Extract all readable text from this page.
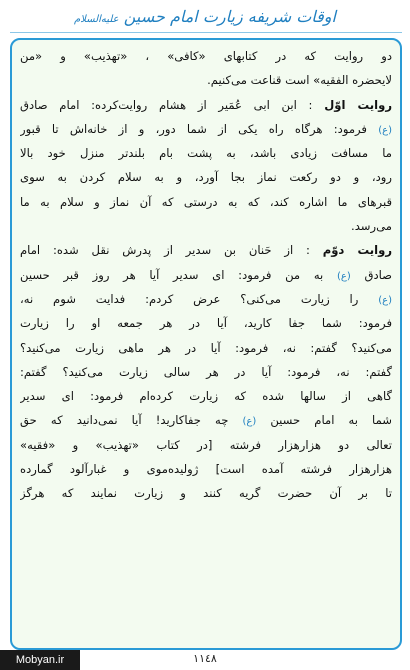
اوقات شریفه زیارت امام حسین علیه‌السلام
دو روایت که در کتابهای «کافی» ، «تهذیب» و «من
لایحضره الفقیه» است قناعت می‌کنیم.
روایت اوّل : ابن ابی عُمَیر از هشام روایت‌کرده: امام صادق
(ع) فرمود: هرگاه راه یکی از شما دور، و از خانه‌اش تا قبور
ما مسافت زیادی باشد، به پشت بام بلندتر منزل خود بالا
رود، و دو رکعت نماز بجا آورد، و به سلام کردن به سوی
قبرهای ما اشاره کند، که به درستی که آن نماز و سلام به ما
می‌رسد.
روایت دوّم : از حَنان بن سدیر از پدرش نقل شده: امام
صادق (ع) به من فرمود: ای سدیر آیا هر روز قبر حسین
(ع) را زیارت می‌کنی؟ عرض کردم: فدایت شوم نه،
فرمود: شما جفا کارید، آیا در هر جمعه او را زیارت
می‌کنید؟ گفتم: نه، فرمود: آیا در هر ماهی زیارت می‌کنید؟
گفتم: نه، فرمود: آیا در هر سالی زیارت می‌کنید؟ گفتم:
گاهی از سالها شده که زیارت کرده‌ام فرمود: ای سدیر
شما به امام حسین (ع) چه جفاکارید! آیا نمی‌دانید که حق
تعالی دو هزارهزار فرشته [در کتاب «تهذیب» و «فقیه»
هزارهزار فرشته آمده است] ژولیده‌موی و غبارآلود گمارده
تا بر آن حضرت گریه کنند و زیارت نمایند که هرگز
١١٤٨
Mobyan.ir
